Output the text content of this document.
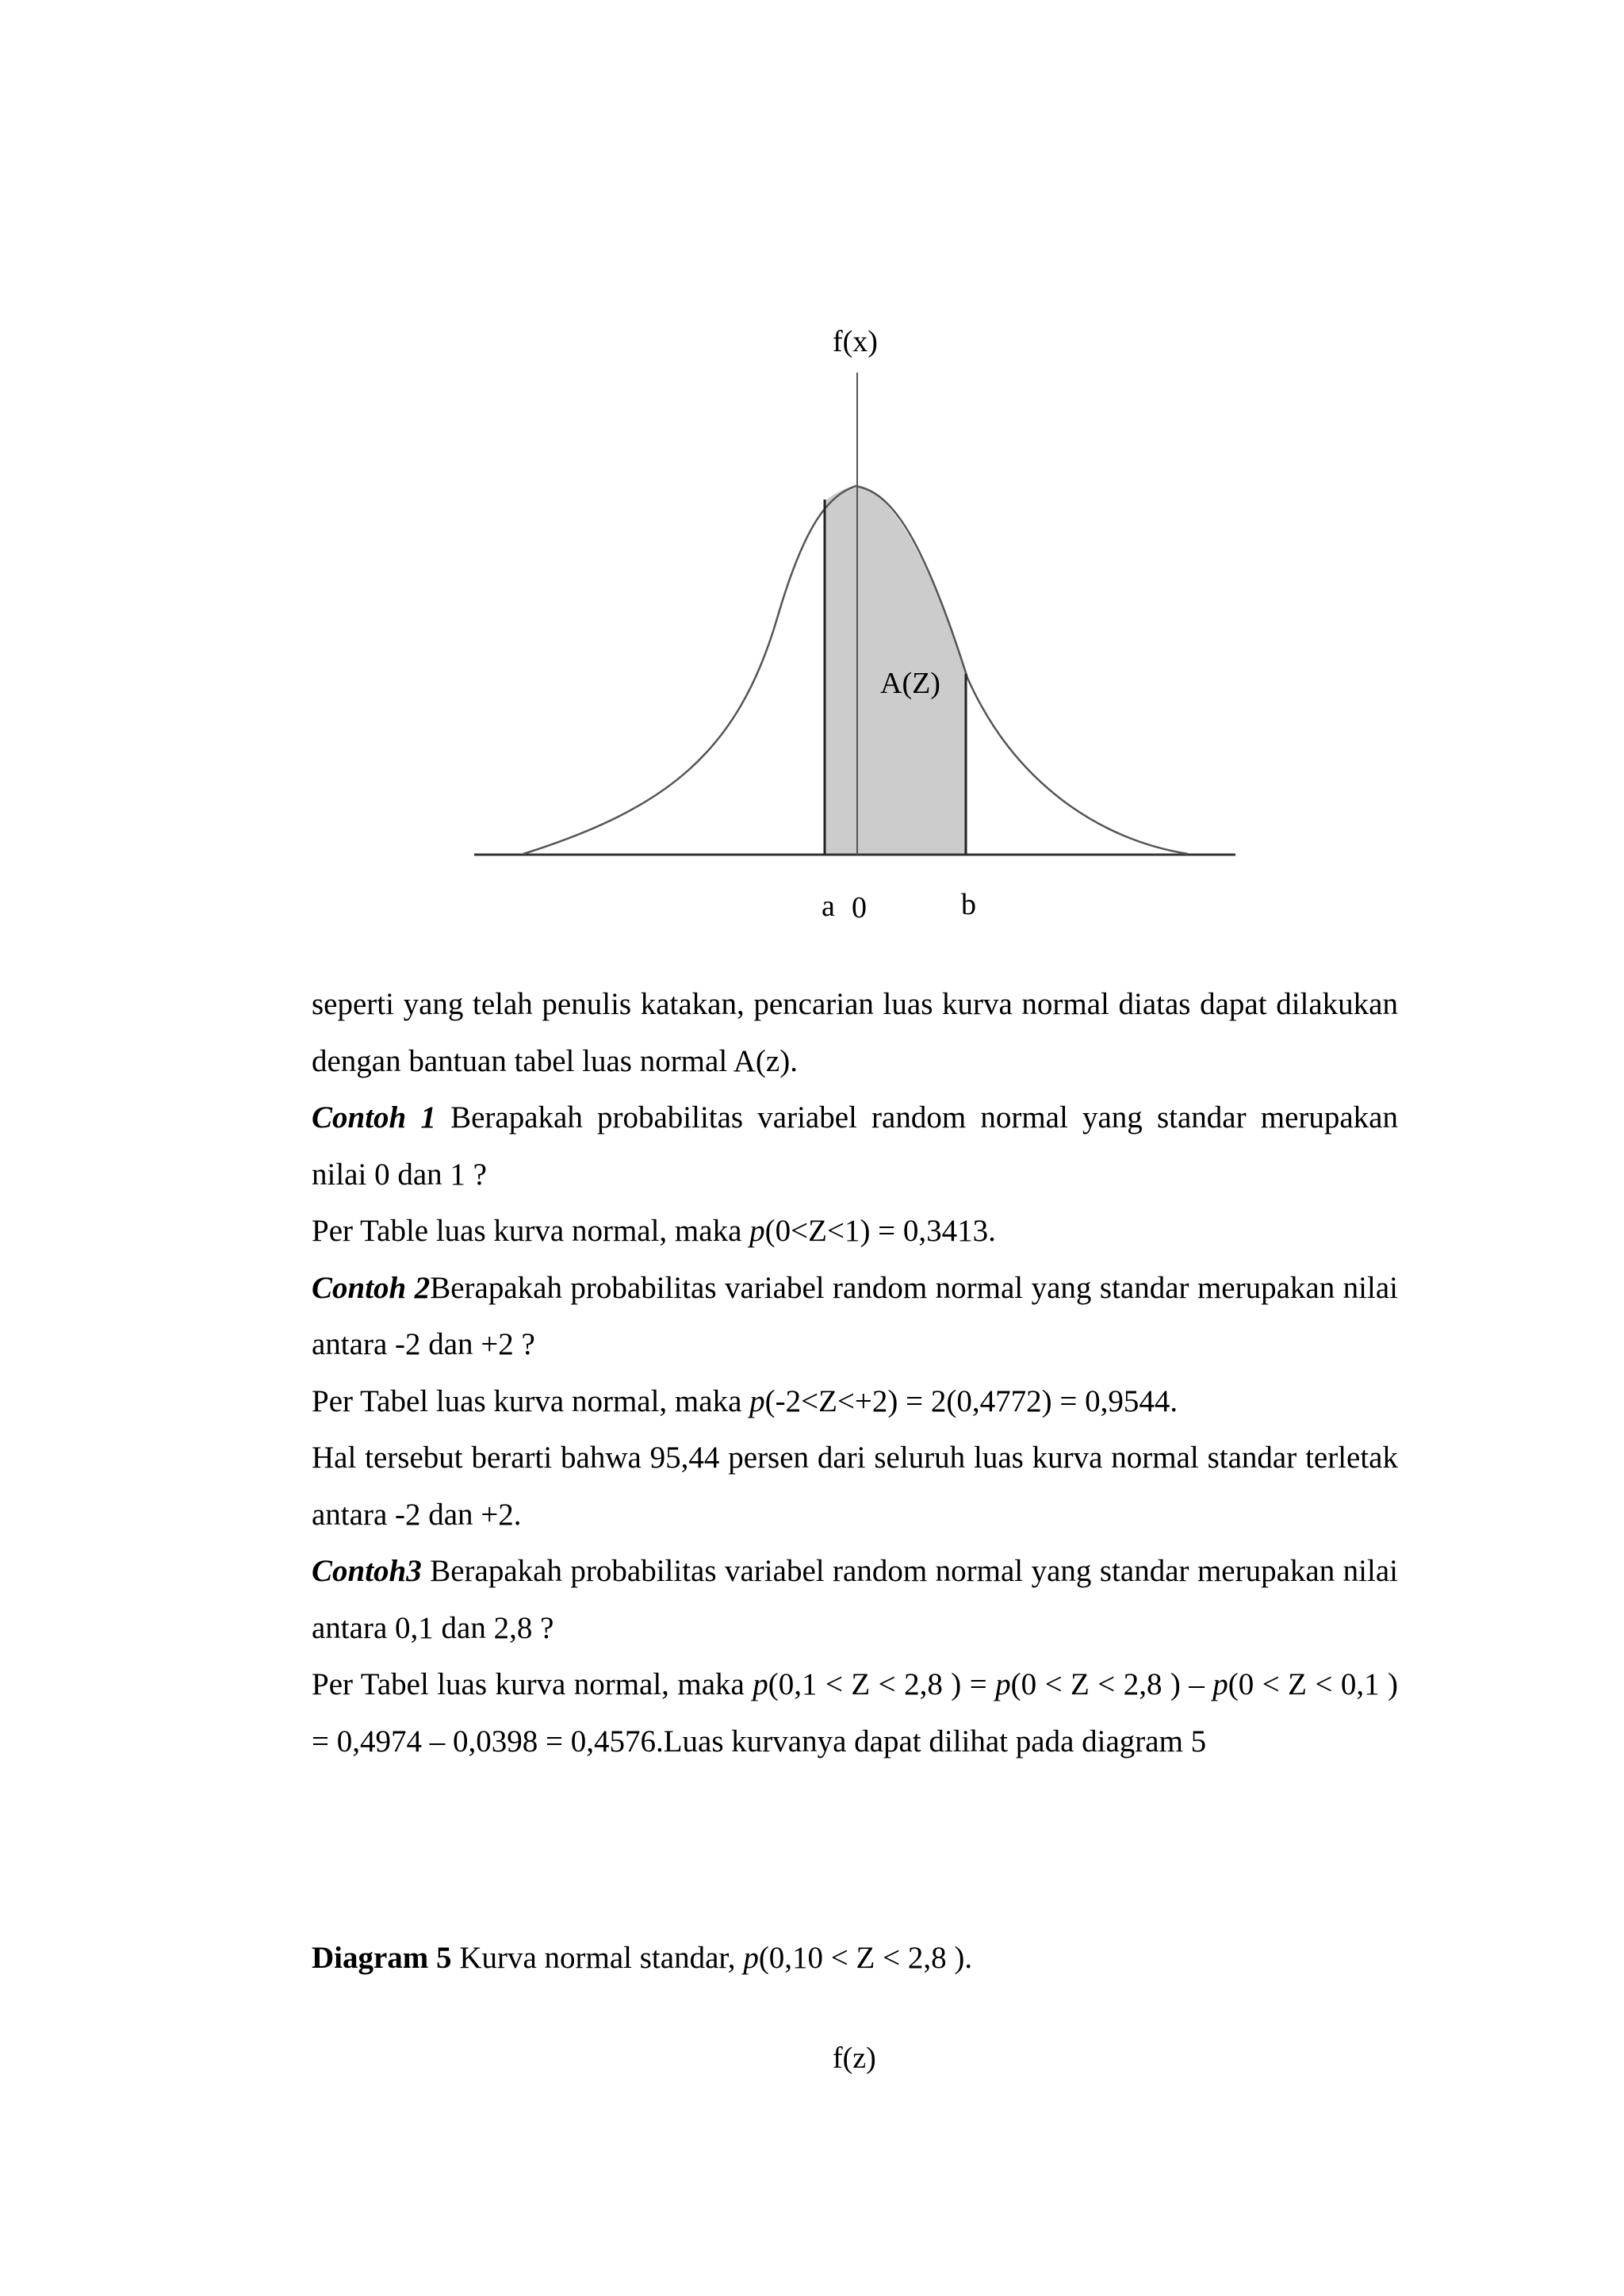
f(x)
A(Z)
a 0	b

seperti yang telah penulis katakan, pencarian luas kurva normal diatas dapat dilakukan dengan bantuan tabel luas normal A(z).

Contoh 1 Berapakah probabilitas variabel random normal yang standar merupakan nilai 0 dan 1 ?

Per Table luas kurva normal, maka p(0<Z<1) = 0,3413.

Contoh 2Berapakah probabilitas variabel random normal yang standar merupakan nilai antara -2 dan +2 ?

Per Tabel luas kurva normal, maka p(-2<Z<+2) = 2(0,4772) = 0,9544.

Hal tersebut berarti bahwa 95,44 persen dari seluruh luas kurva normal standar terletak antara -2 dan +2.

Contoh3 Berapakah probabilitas variabel random normal yang standar merupakan nilai antara 0,1 dan 2,8 ?

Per Tabel luas kurva normal, maka p(0,1 < Z < 2,8 ) = p(0 < Z < 2,8 ) – p(0 < Z < 0,1 ) = 0,4974 – 0,0398 = 0,4576.Luas kurvanya dapat dilihat pada diagram 5

Diagram 5 Kurva normal standar, p(0,10 < Z < 2,8 ).
f(z)
